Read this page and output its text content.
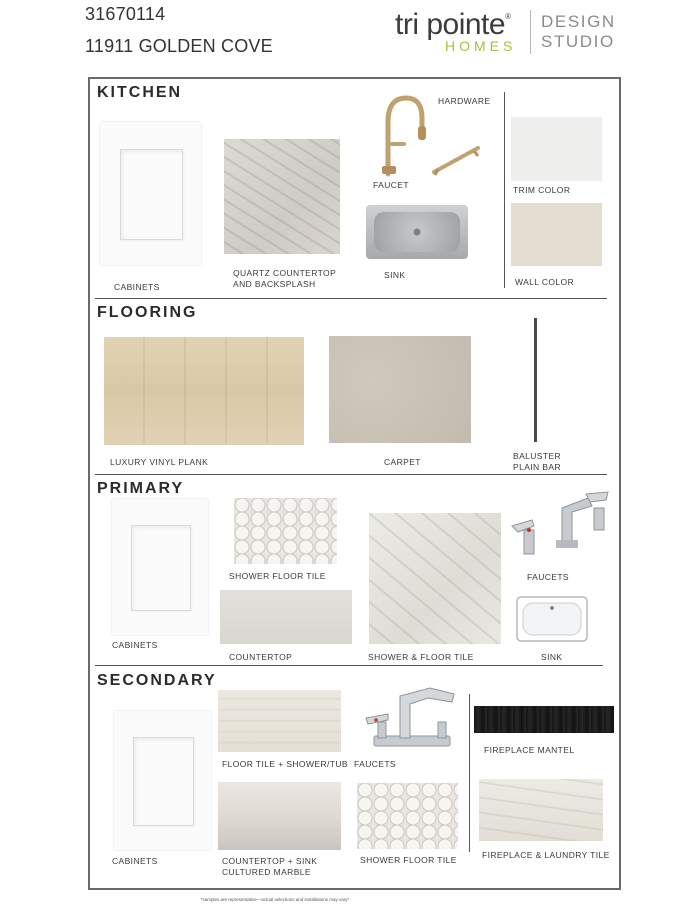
31670114
11911 GOLDEN COVE
tri pointe®
HOMES
DESIGN
STUDIO
KITCHEN
CABINETS
QUARTZ COUNTERTOP
AND BACKSPLASH
FAUCET
HARDWARE
SINK
TRIM COLOR
WALL COLOR
FLOORING
LUXURY VINYL PLANK	CARPET
BALUSTER
PLAIN BAR
PRIMARY
CABINETS
SHOWER FLOOR TILE
COUNTERTOP	SHOWER & FLOOR TILE
FAUCETS
SINK
SECONDARY
CABINETS
FLOOR TILE + SHOWER/TUB FAUCETS
FIREPLACE MANTEL
COUNTERTOP + SINK
CULTURED MARBLE
SHOWER FLOOR TILE	FIREPLACE & LAUNDRY TILE
*samples are representative—actual selections and installations may vary*
